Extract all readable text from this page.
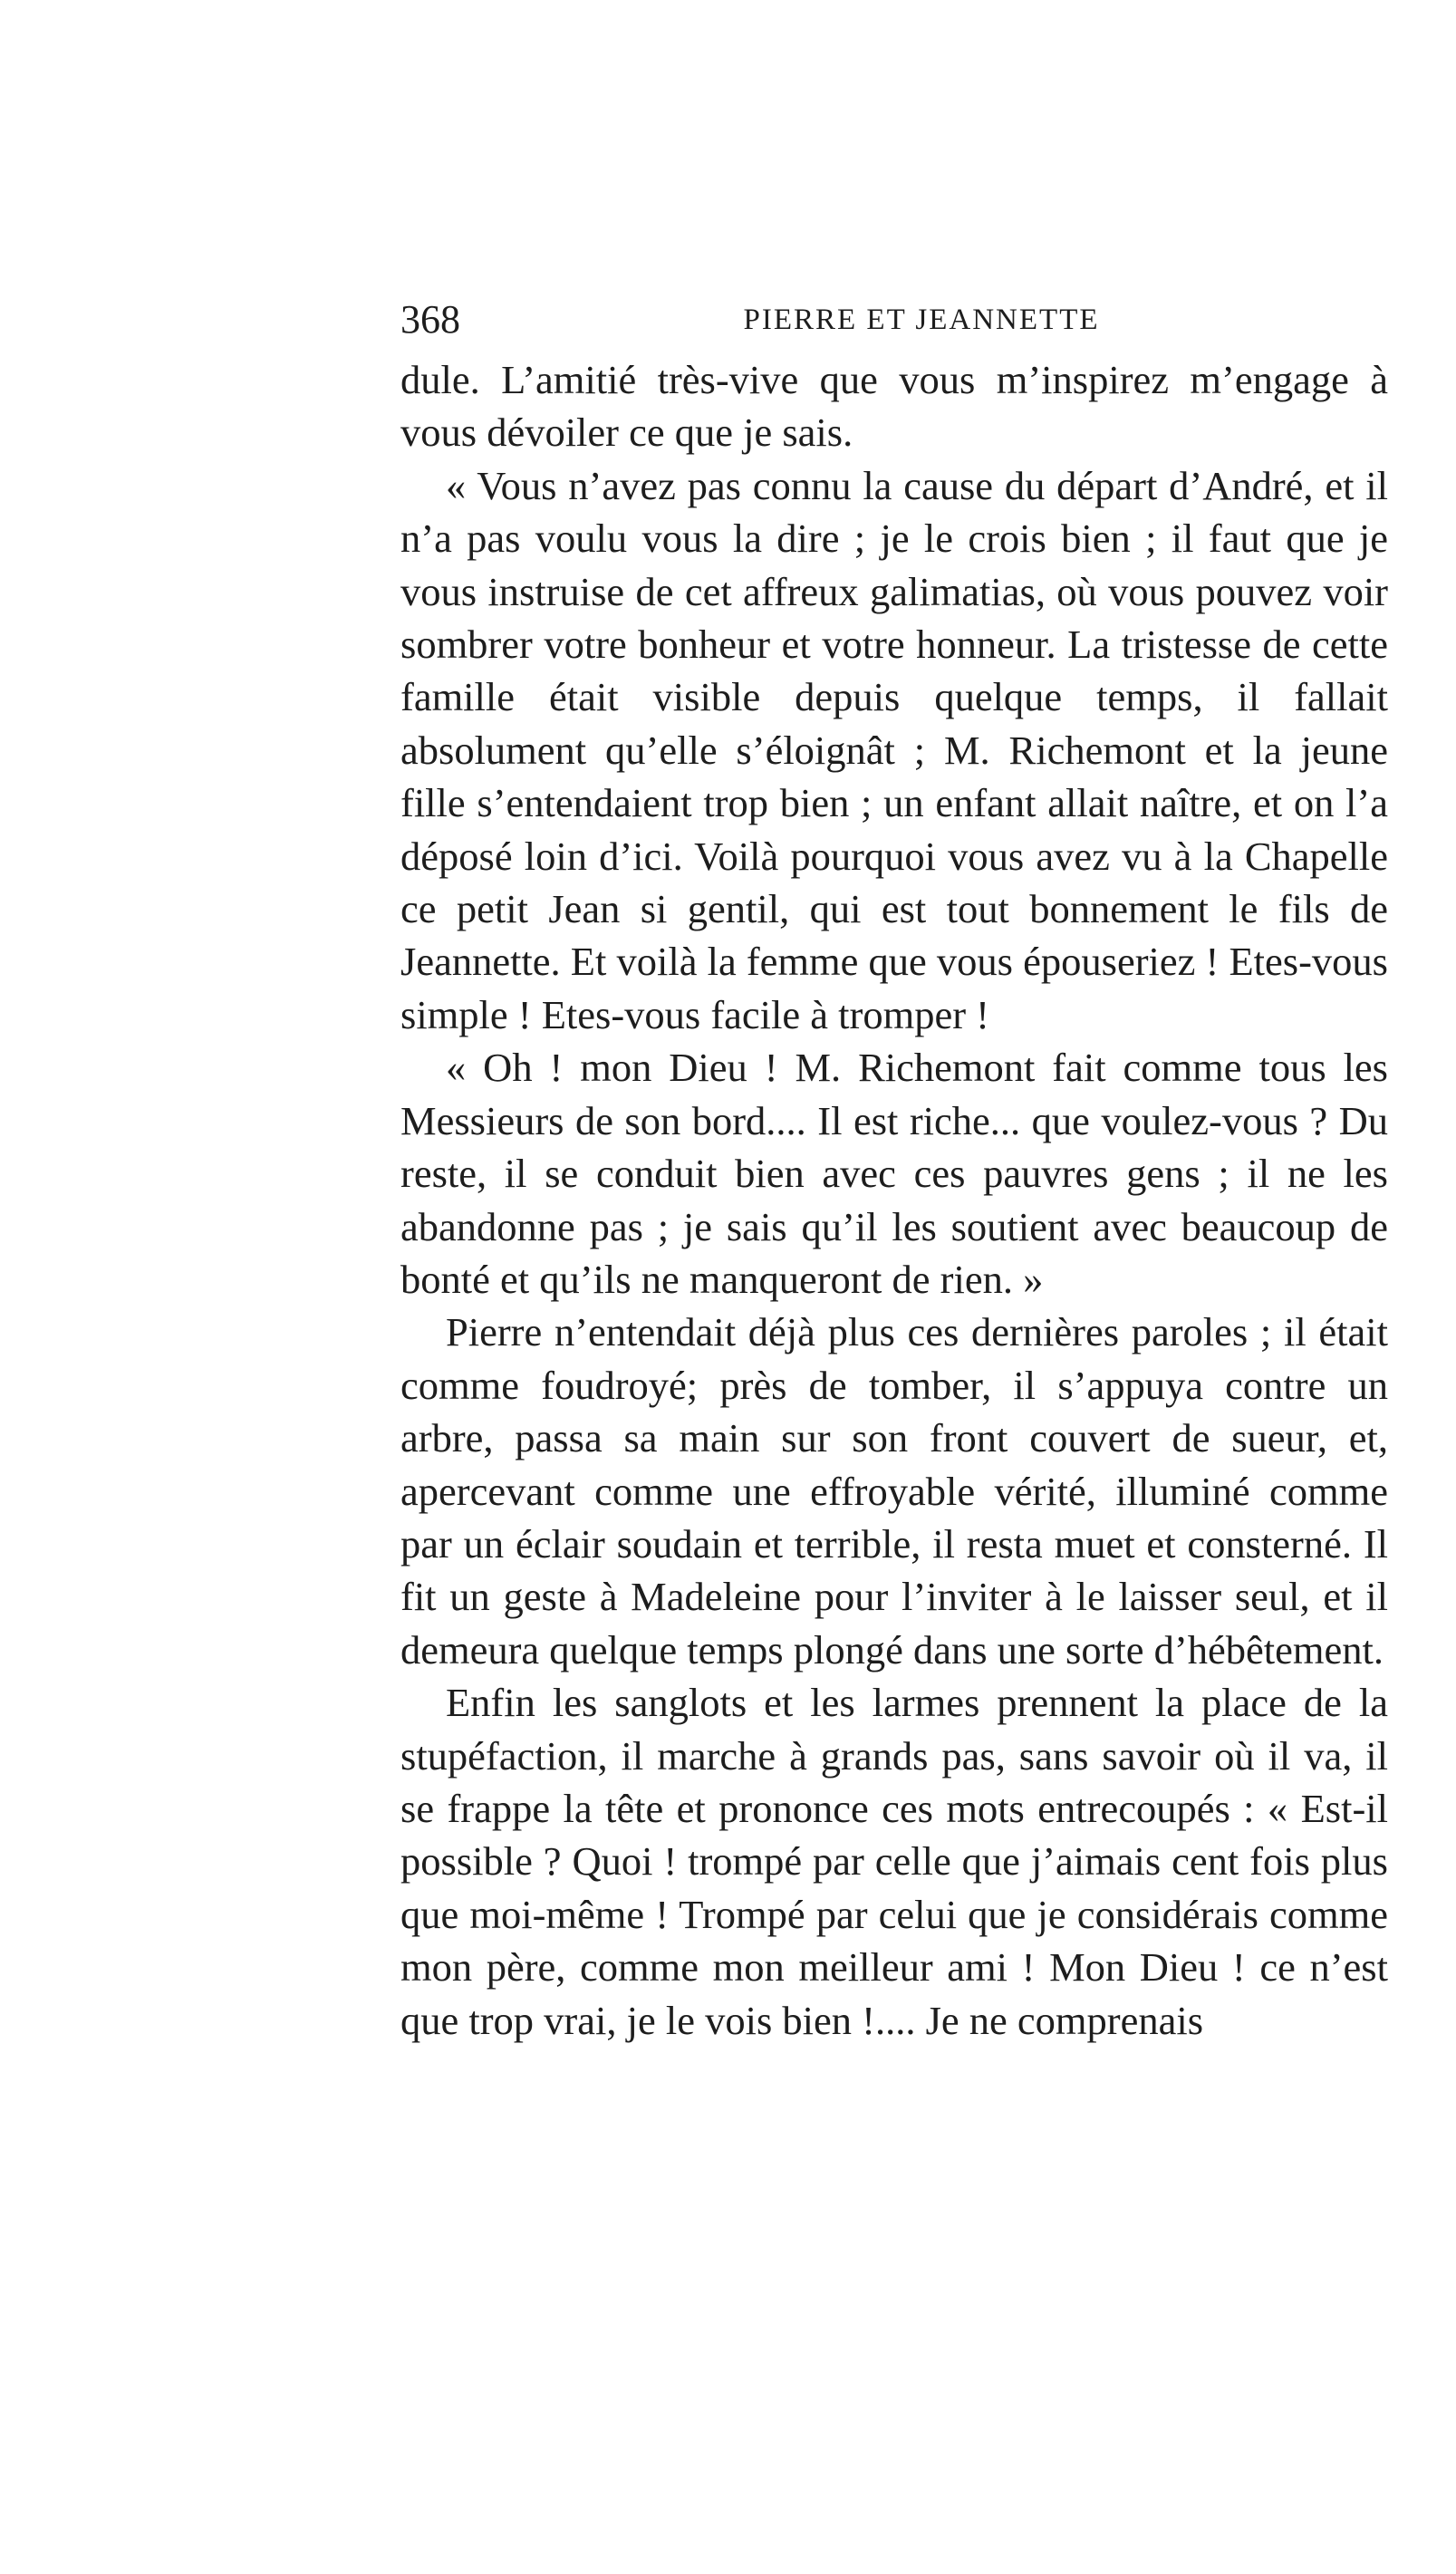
368	PIERRE ET JEANNETTE

dule. L’amitié très-vive que vous m’inspirez m’engage à vous dévoiler ce que je sais.

« Vous n’avez pas connu la cause du départ d’André, et il n’a pas voulu vous la dire ; je le crois bien ; il faut que je vous instruise de cet affreux galimatias, où vous pouvez voir sombrer votre bonheur et votre honneur. La tristesse de cette famille était visible depuis quelque temps, il fallait absolument qu’elle s’éloignât ; M. Richemont et la jeune fille s’entendaient trop bien ; un enfant allait naître, et on l’a déposé loin d’ici. Voilà pourquoi vous avez vu à la Chapelle ce petit Jean si gentil, qui est tout bonnement le fils de Jeannette. Et voilà la femme que vous épouseriez ! Etes-vous simple ! Etes-vous facile à tromper !

« Oh ! mon Dieu ! M. Richemont fait comme tous les Messieurs de son bord.... Il est riche... que voulez-vous ? Du reste, il se conduit bien avec ces pauvres gens ; il ne les abandonne pas ; je sais qu’il les soutient avec beaucoup de bonté et qu’ils ne manqueront de rien. »

Pierre n’entendait déjà plus ces dernières paroles ; il était comme foudroyé; près de tomber, il s’appuya contre un arbre, passa sa main sur son front couvert de sueur, et, apercevant comme une effroyable vérité, illuminé comme par un éclair soudain et terrible, il resta muet et consterné. Il fit un geste à Madeleine pour l’inviter à le laisser seul, et il demeura quelque temps plongé dans une sorte d’hébêtement.

Enfin les sanglots et les larmes prennent la place de la stupéfaction, il marche à grands pas, sans savoir où il va, il se frappe la tête et prononce ces mots entrecoupés : « Est-il possible ? Quoi ! trompé par celle que j’aimais cent fois plus que moi-même ! Trompé par celui que je considérais comme mon père, comme mon meilleur ami ! Mon Dieu ! ce n’est que trop vrai, je le vois bien !.... Je ne comprenais
